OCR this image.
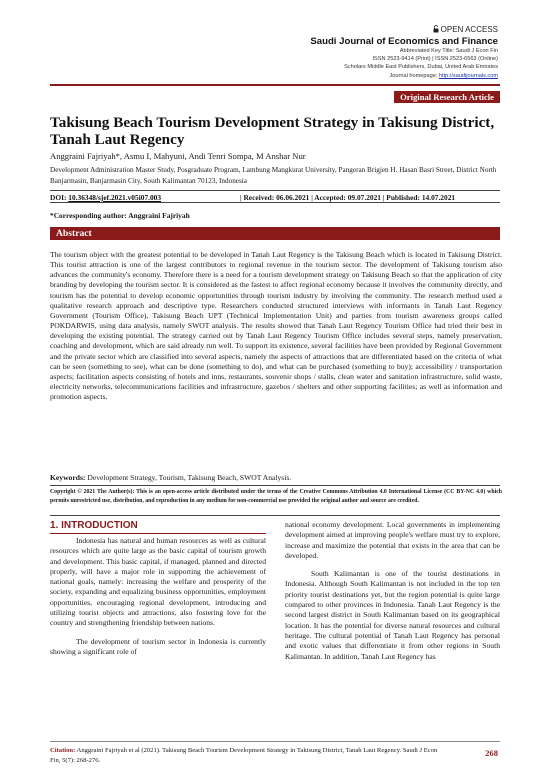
OPEN ACCESS
Saudi Journal of Economics and Finance
Abbreviated Key Title: Saudi J Econ Fin
ISSN 2523-9414 (Print) | ISSN 2523-6563 (Online)
Scholars Middle East Publishers, Dubai, United Arab Emirates
Journal homepage: http://saudijournals.com
Original Research Article
Takisung Beach Tourism Development Strategy in Takisung District, Tanah Laut Regency
Anggraini Fajriyah*, Asmu I, Mahyuni, Andi Tenri Sompa, M Anshar Nur
Development Administration Master Study, Posgraduate Program, Lambung Mangkurat University, Pangeran Brigjen H. Hasan Basri Street, District North Banjarmasin, Banjarmasin City, South Kalimantan 70123, Indonesia
DOI: 10.36348/sjef.2021.v05i07.003	| Received: 06.06.2021 | Accepted: 09.07.2021 | Published: 14.07.2021
*Corresponding author: Anggraini Fajriyah
Abstract

The tourism object with the greatest potential to be developed in Tanah Laut Regency is the Takisung Beach which is located in Takisung District. This tourist attraction is one of the largest contributors to regional revenue in the tourism sector. The development of Takisung tourism also advances the community's economy. Therefore there is a need for a tourism development strategy on Takisung Beach so that the application of city branding by developing the tourism sector. It is considered as the fastest to affect regional economy because it involves the community directly, and tourism has the potential to develop economic opportunities through tourism industry by involving the community. The research method used a qualitative research approach and descriptive type. Researchers conducted structured interviews with informants in Tanah Laut Regency Government (Tourism Office), Takisung Beach UPT (Technical Implementation Unit) and parties from tourism awareness groups called POKDARWIS, using data analysis, namely SWOT analysis. The results showed that Tanah Laut Regency Tourism Office had tried their best in developing the existing potential. The strategy carried out by Tanah Laut Regency Tourism Office includes several steps, namely preservation, coaching and development, which are said already run well. To support its existence, several facilities have been provided by Regional Government and the private sector which are classified into several aspects, namely the aspects of attractions that are differentiated based on the criteria of what can be seen (something to see), what can be done (something to do), and what can be purchased (something to buy); accessibility / transportation aspects; facilitation aspects consisting of hotels and inns, restaurants, souvenir shops / stalls, clean water and sanitation infrastructure, solid waste, electricity networks, telecommunications facilities and infrastructure, gazebos / shelters and other supporting facilities; as well as information and promotion aspects.

Keywords: Development Strategy, Tourism, Takisung Beach, SWOT Analysis.

Copyright © 2021 The Author(s): This is an open-access article distributed under the terms of the Creative Commons Attribution 4.0 International License (CC BY-NC 4.0) which permits unrestricted use, distribution, and reproduction in any medium for non-commercial use provided the original author and source are credited.

1. INTRODUCTION

Indonesia has natural and human resources as well as cultural resources which are quite large as the basic capital of tourism growth and development. This basic capital, if managed, planned and directed properly, will have a major role in supporting the achievement of national goals, namely: increasing the welfare and prosperity of the society, expanding and equalizing business opportunities, employment opportunities, encouraging regional development, introducing and utilizing tourist objects and attractions, also fostering love for the country and strengthening friendship between nations.

The development of tourism sector in Indonesia is currently showing a significant role of

national economy development. Local governments in implementing development aimed at improving people's welfare must try to explore, increase and maximize the potential that exists in the area that can be developed.

South Kalimantan is one of the tourist destinations in Indonesia. Although South Kalimantan is not included in the top ten priority tourist destinations yet, but the region potential is quite large compared to other provinces in Indonesia. Tanah Laut Regency is the second largest district in South Kalimantan based on its geographical location. It has the potential for diverse natural resources and cultural heritage. The cultural potential of Tanah Laut Regency has personal and exotic values that differentiate it from other regions in South Kalimantan. In addition, Tanah Laut Regency has

Citation: Anggraini Fajriyah et al (2021). Takisung Beach Tourism Development Strategy in Takisung District, Tanah Laut Regency. Saudi J Econ Fin, 5(7): 268-276.
268
